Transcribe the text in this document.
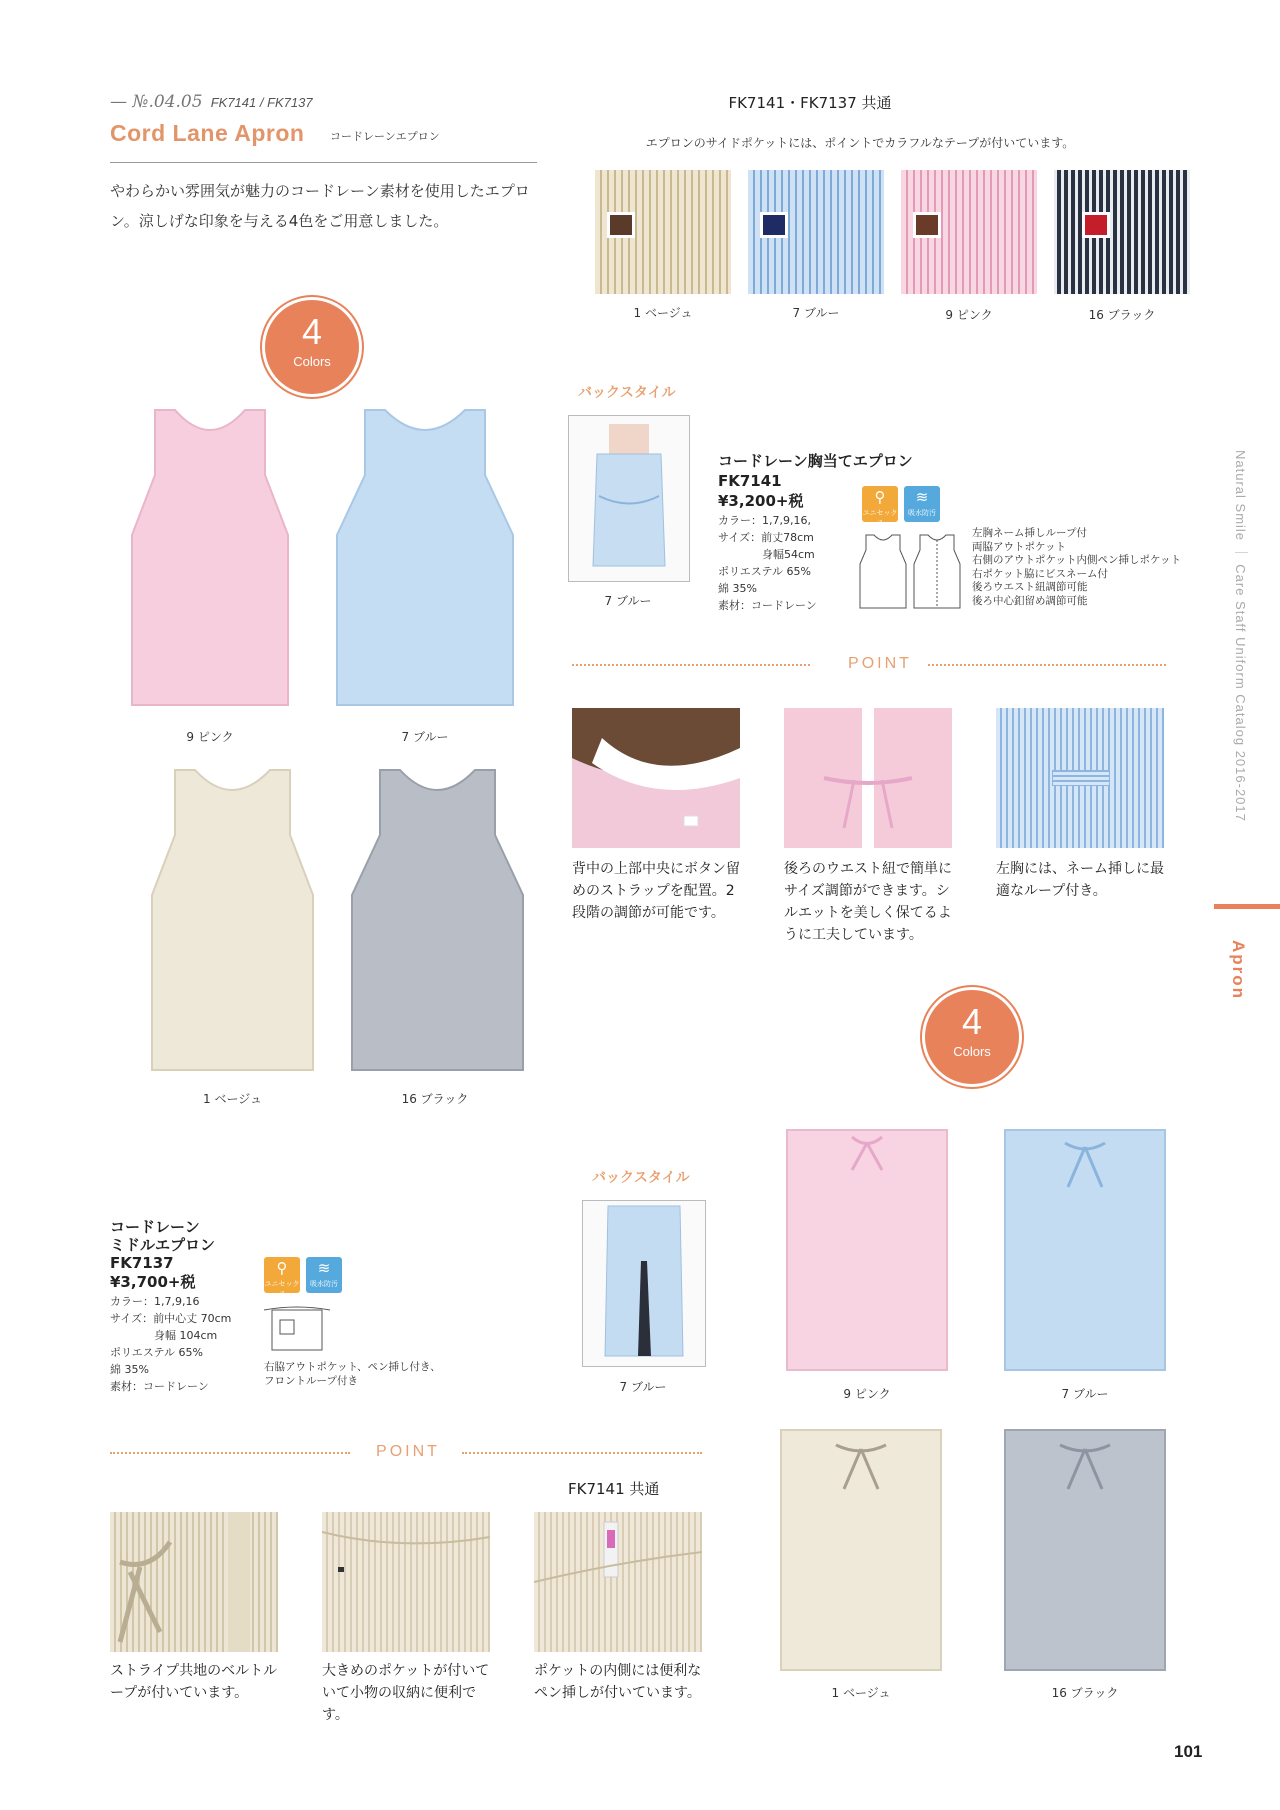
— №.04.05 FK7141 / FK7137
Cord Lane Apron コードレーンエプロン
やわらかい雰囲気が魅力のコードレーン素材を使用したエプロン。涼しげな印象を与える4色をご用意しました。
4
Colors
9 ピンク	7 ブルー
1 ベージュ	16 ブラック
FK7141・FK7137 共通
エプロンのサイドポケットには、ポイントでカラフルなテープが付いています。
1 ベージュ	7 ブルー	9 ピンク	16 ブラック
バックスタイル
7 ブルー
コードレーン胸当てエプロン
FK7141
¥3,200+税
カラー：1,7,9,16,
サイズ：前丈78cm
　　　　身幅54cm
ポリエステル 65%
綿 35%
素材：コードレーン
⚲
ユニセックス
≋
吸水防汚
左胸ネーム挿しループ付
両脇アウトポケット
右側のアウトポケット内側ペン挿しポケット
右ポケット脇にビスネーム付
後ろウエスト紐調節可能
後ろ中心釦留め調節可能
POINT
背中の上部中央にボタン留めのストラップを配置。2段階の調節が可能です。
後ろのウエスト紐で簡単にサイズ調節ができます。シルエットを美しく保てるように工夫しています。
左胸には、ネーム挿しに最適なループ付き。
4
Colors
9 ピンク	7 ブルー
1 ベージュ	16 ブラック
バックスタイル
7 ブルー
コードレーン
ミドルエプロン
FK7137
¥3,700+税
カラー：1,7,9,16
サイズ：前中心丈 70cm
　　　　身幅 104cm
ポリエステル 65%
綿 35%
素材：コードレーン
⚲
ユニセックス
≋
吸水防汚
右脇アウトポケット、ペン挿し付き、
フロントループ付き
POINT
FK7141 共通
ストライプ共地のベルトループが付いています。
大きめのポケットが付いていて小物の収納に便利です。
ポケットの内側には便利なペン挿しが付いています。
Natural Smile ｜ Care Staff Uniform Catalog 2016-2017
Apron
101
